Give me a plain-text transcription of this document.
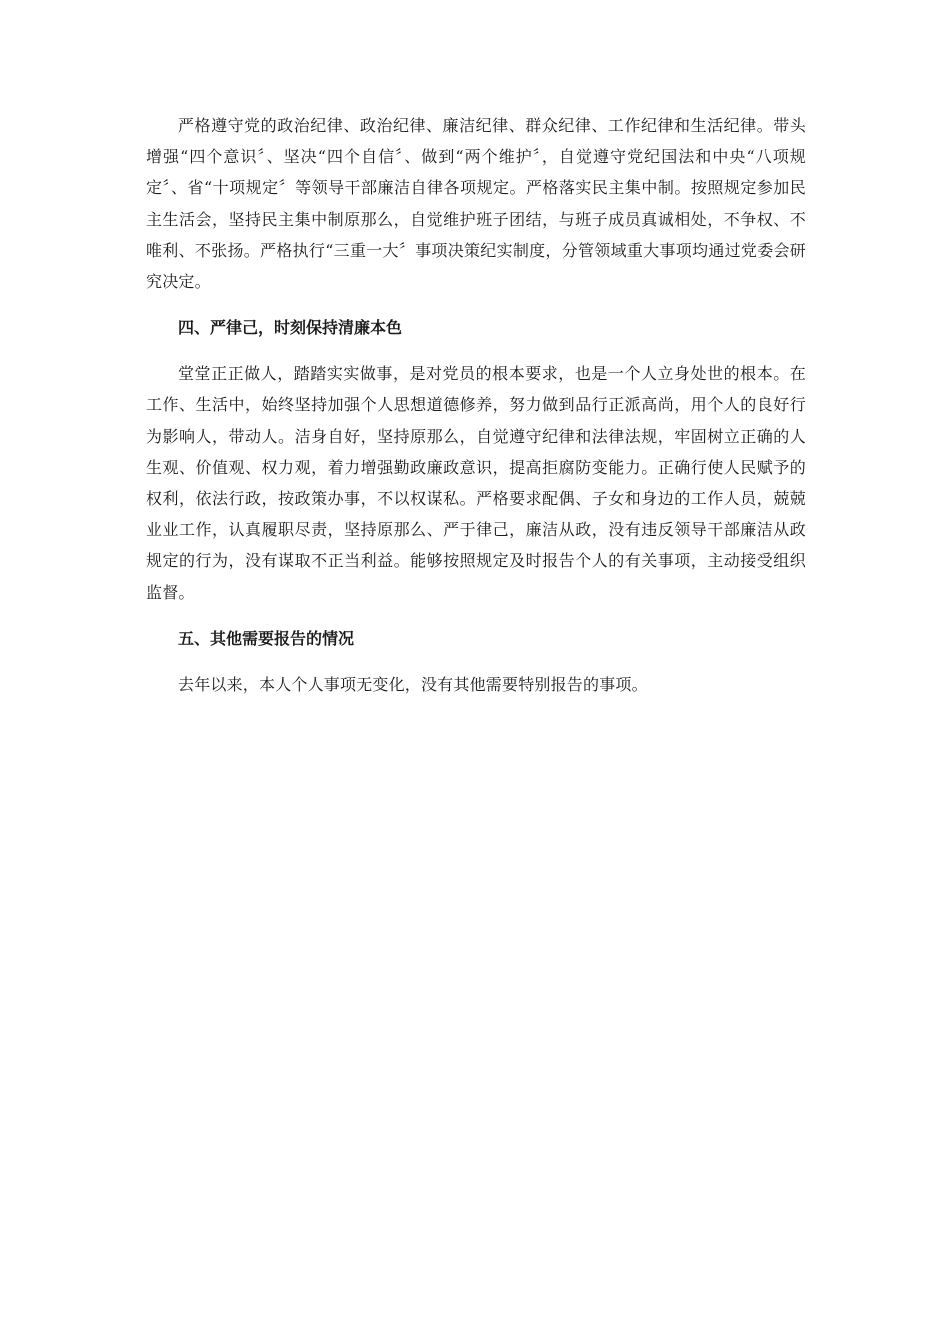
严格遵守党的政治纪律、政治纪律、廉洁纪律、群众纪律、工作纪律和生活纪律。带头增强“四个意识〞、坚决“四个自信〞、做到“两个维护〞，自觉遵守党纪国法和中央“八项规定〞、省“十项规定〞等领导干部廉洁自律各项规定。严格落实民主集中制。按照规定参加民主生活会，坚持民主集中制原那么，自觉维护班子团结，与班子成员真诚相处，不争权、不唯利、不张扬。严格执行“三重一大〞事项决策纪实制度，分管领域重大事项均通过党委会研究决定。

四、严律己，时刻保持清廉本色

堂堂正正做人，踏踏实实做事，是对党员的根本要求，也是一个人立身处世的根本。在工作、生活中，始终坚持加强个人思想道德修养，努力做到品行正派高尚，用个人的良好行为影响人，带动人。洁身自好，坚持原那么，自觉遵守纪律和法律法规，牢固树立正确的人生观、价值观、权力观，着力增强勤政廉政意识，提高拒腐防变能力。正确行使人民赋予的权利，依法行政，按政策办事，不以权谋私。严格要求配偶、子女和身边的工作人员，兢兢业业工作，认真履职尽责，坚持原那么、严于律己，廉洁从政，没有违反领导干部廉洁从政规定的行为，没有谋取不正当利益。能够按照规定及时报告个人的有关事项，主动接受组织监督。

五、其他需要报告的情况

去年以来，本人个人事项无变化，没有其他需要特别报告的事项。
